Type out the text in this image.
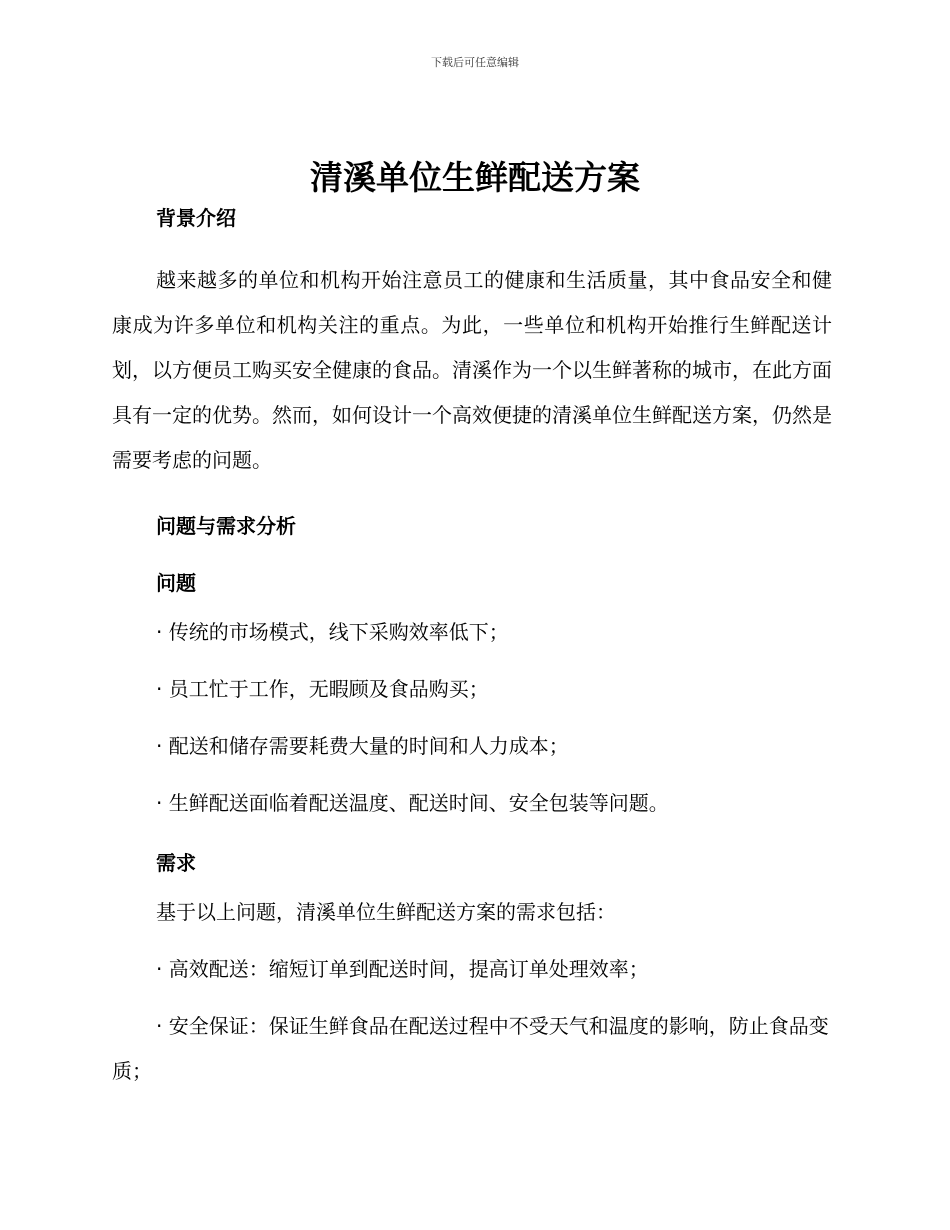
下载后可任意编辑
清溪单位生鲜配送方案
背景介绍

越来越多的单位和机构开始注意员工的健康和生活质量，其中食品安全和健康成为许多单位和机构关注的重点。为此，一些单位和机构开始推行生鲜配送计划，以方便员工购买安全健康的食品。清溪作为一个以生鲜著称的城市，在此方面具有一定的优势。然而，如何设计一个高效便捷的清溪单位生鲜配送方案，仍然是需要考虑的问题。

问题与需求分析
问题

· 传统的市场模式，线下采购效率低下；

· 员工忙于工作，无暇顾及食品购买；

· 配送和储存需要耗费大量的时间和人力成本；

· 生鲜配送面临着配送温度、配送时间、安全包装等问题。

需求

基于以上问题，清溪单位生鲜配送方案的需求包括：

· 高效配送：缩短订单到配送时间，提高订单处理效率；

· 安全保证：保证生鲜食品在配送过程中不受天气和温度的影响，防止食品变质；
